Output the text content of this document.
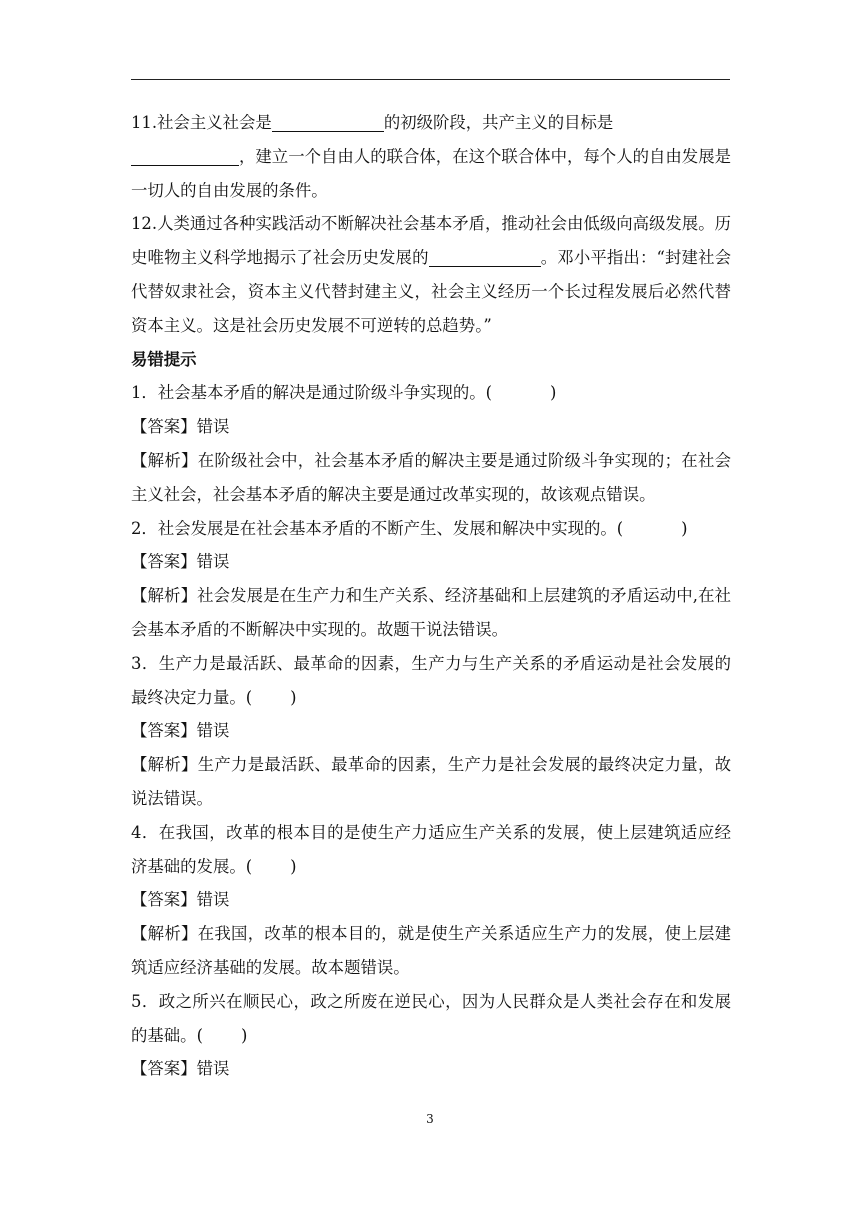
11.社会主义社会是	的初级阶段，共产主义的目标是
，建立一个自由人的联合体，在这个联合体中，每个人的自由发展是一切人的自由发展的条件。

12.人类通过各种实践活动不断解决社会基本矛盾，推动社会由低级向高级发展。历史唯物主义科学地揭示了社会历史发展的	。邓小平指出：“封建社会代替奴隶社会，资本主义代替封建主义，社会主义经历一个长过程发展后必然代替资本主义。这是社会历史发展不可逆转的总趋势。”

易错提示

1．社会基本矛盾的解决是通过阶级斗争实现的。(	)

【答案】错误

【解析】在阶级社会中，社会基本矛盾的解决主要是通过阶级斗争实现的；在社会主义社会，社会基本矛盾的解决主要是通过改革实现的，故该观点错误。

2．社会发展是在社会基本矛盾的不断产生、发展和解决中实现的。(	)

【答案】错误

【解析】社会发展是在生产力和生产关系、经济基础和上层建筑的矛盾运动中,在社会基本矛盾的不断解决中实现的。故题干说法错误。

3．生产力是最活跃、最革命的因素，生产力与生产关系的矛盾运动是社会发展的最终决定力量。( )

【答案】错误

【解析】生产力是最活跃、最革命的因素，生产力是社会发展的最终决定力量，故说法错误。

4．在我国，改革的根本目的是使生产力适应生产关系的发展，使上层建筑适应经济基础的发展。( )

【答案】错误

【解析】在我国，改革的根本目的，就是使生产关系适应生产力的发展，使上层建筑适应经济基础的发展。故本题错误。

5．政之所兴在顺民心，政之所废在逆民心，因为人民群众是人类社会存在和发展的基础。( )

【答案】错误

3
